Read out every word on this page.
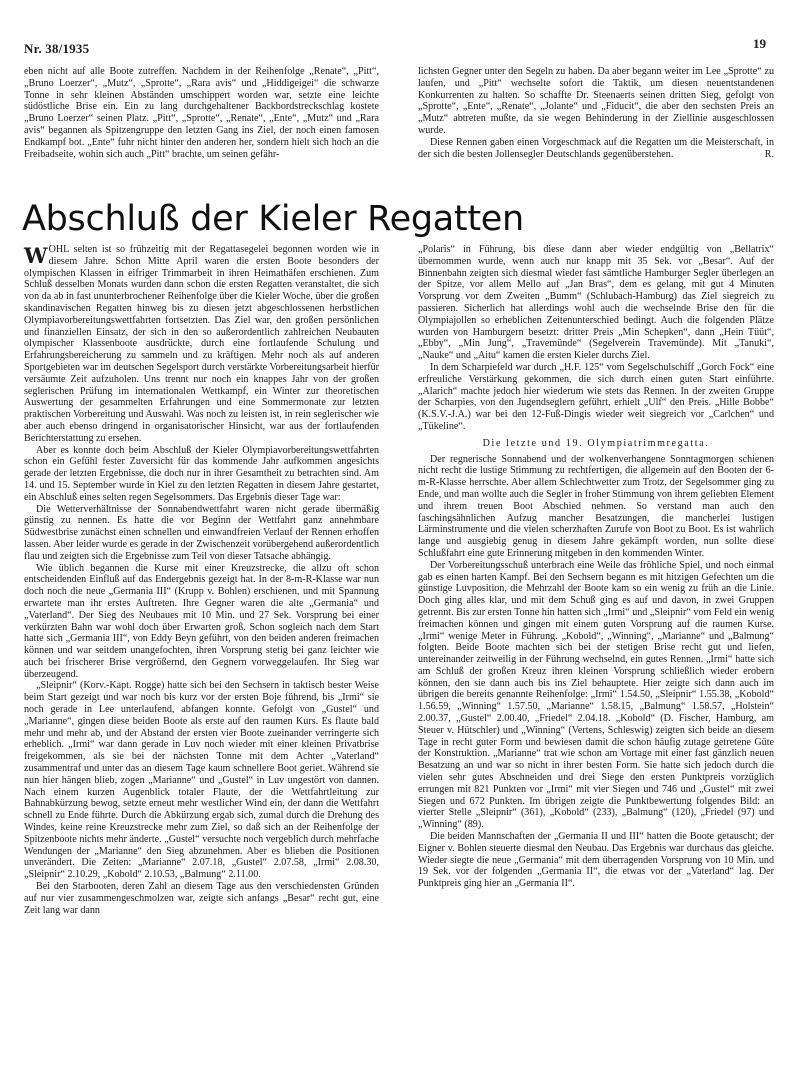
Nr. 38/1935	19

eben nicht auf alle Boote zutreffen. Nachdem in der Reihenfolge „Renate“, „Pitt“, „Bruno Loerzer“, „Mutz“, „Sprotte“, „Rara avis“ und „Hiddigeigei“ die schwarze Tonne in sehr kleinen Abständen umschippert worden war, setzte eine leichte südöstliche Brise ein. Ein zu lang durchgehaltener Backbordstreckschlag kostete „Bruno Loerzer“ seinen Platz. „Pitt“, „Sprotte“, „Renate“, „Ente“, „Mutz“ und „Rara avis“ begannen als Spitzengruppe den letzten Gang ins Ziel, der noch einen famosen Endkampf bot. „Ente“ fuhr nicht hinter den anderen her, sondern hielt sich hoch an die Freibadseite, wohin sich auch „Pitt“ brachte, um seinen gefähr-

lichsten Gegner unter den Segeln zu haben. Da aber begann weiter im Lee „Sprotte“ zu laufen, und „Pitt“ wechselte sofort die Taktik, um diesen neuentstandenen Konkurrenten zu halten. So schaffte Dr. Steenaerts seinen dritten Sieg, gefolgt von „Sprotte“, „Ente“, „Renate“, „Jolante“ und „Fiducit“, die aber den sechsten Preis an „Mutz“ abtreten mußte, da sie wegen Behinderung in der Ziellinie ausgeschlossen wurde.

Diese Rennen gaben einen Vorgeschmack auf die Regatten um die Meisterschaft, in der sich die besten Jollensegler Deutschlands gegenüberstehen.	R.

Abschluß der Kieler Regatten

WOHL selten ist so frühzeitig mit der Regattasegelei begonnen worden wie in diesem Jahre. Schon Mitte April waren die ersten Boote besonders der olympischen Klassen in eifriger Trimmarbeit in ihren Heimathäfen erschienen. Zum Schluß desselben Monats wurden dann schon die ersten Regatten veranstaltet, die sich von da ab in fast ununterbrochener Reihenfolge über die Kieler Woche, über die großen skandinavischen Regatten hinweg bis zu diesen jetzt abgeschlossenen herbstlichen Olympiavorbereitungswettfahrten fortsetzten. Das Ziel war, den großen persönlichen und finanziellen Einsatz, der sich in den so außerordentlich zahlreichen Neubauten olympischer Klassenboote ausdrückte, durch eine fortlaufende Schulung und Erfahrungsbereicherung zu sammeln und zu kräftigen. Mehr noch als auf anderen Sportgebieten war im deutschen Segelsport durch verstärkte Vorbereitungsarbeit hierfür versäumte Zeit aufzuholen. Uns trennt nur noch ein knappes Jahr von der großen seglerischen Prüfung im internationalen Wettkampf, ein Winter zur theoretischen Auswertung der gesammelten Erfahrungen und eine Sommermonate zur letzten praktischen Vorbereitung und Auswahl. Was noch zu leisten ist, in rein seglerischer wie aber auch ebenso dringend in organisatorischer Hinsicht, war aus der fortlaufenden Berichterstattung zu ersehen.

Aber es konnte doch beim Abschluß der Kieler Olympiavorbereitungswettfahrten schon ein Gefühl fester Zuversicht für das kommende Jahr aufkommen angesichts gerade der letzten Ergebnisse, die doch nur in ihrer Gesamtheit zu betrachten sind. Am 14. und 15. September wurde in Kiel zu den letzten Regatten in diesem Jahre gestartet, ein Abschluß eines selten regen Segelsommers. Das Ergebnis dieser Tage war:

Die Wetterverhältnisse der Sonnabendwettfahrt waren nicht gerade übermäßig günstig zu nennen. Es hatte die vor Beginn der Wettfahrt ganz annehmbare Südwestbrise zunächst einen schnellen und einwandfreien Verlauf der Rennen erhoffen lassen. Aber leider wurde es gerade in der Zwischenzeit vorübergehend außerordentlich flau und zeigten sich die Ergebnisse zum Teil von dieser Tatsache abhängig.

Wie üblich begannen die Kurse mit einer Kreuzstrecke, die allzu oft schon entscheidenden Einfluß auf das Endergebnis gezeigt hat. In der 8-m-R-Klasse war nun doch noch die neue „Germania III“ (Krupp v. Bohlen) erschienen, und mit Spannung erwartete man ihr erstes Auftreten. Ihre Gegner waren die alte „Germania“ und „Vaterland“. Der Sieg des Neubaues mit 10 Min. und 27 Sek. Vorsprung bei einer verkürzten Bahn war wohl doch über Erwarten groß. Schon sogleich nach dem Start hatte sich „Germania III“, von Eddy Beyn geführt, von den beiden anderen freimachen können und war seitdem unangefochten, ihren Vorsprung stetig bei ganz leichter wie auch bei frischerer Brise vergrößernd, den Gegnern vorweggelaufen. Ihr Sieg war überzeugend.

„Sleipnir“ (Korv.-Kapt. Rogge) hatte sich bei den Sechsern in taktisch bester Weise beim Start gezeigt und war noch bis kurz vor der ersten Boje führend, bis „Irmi“ sie noch gerade in Lee unterlaufend, abfangen konnte. Gefolgt von „Gustel“ und „Marianne“, gingen diese beiden Boote als erste auf den raumen Kurs. Es flaute bald mehr und mehr ab, und der Abstand der ersten vier Boote zueinander verringerte sich erheblich. „Irmi“ war dann gerade in Luv noch wieder mit einer kleinen Privatbrise freigekommen, als sie bei der nächsten Tonne mit dem Achter „Vaterland“ zusammentraf und unter das an diesem Tage kaum schnellere Boot geriet. Während sie nun hier hängen blieb, zogen „Marianne“ und „Gustel“ in Luv ungestört von dannen. Nach einem kurzen Augenblick totaler Flaute, der die Wettfahrtleitung zur Bahnabkürzung bewog, setzte erneut mehr westlicher Wind ein, der dann die Wettfahrt schnell zu Ende führte. Durch die Abkürzung ergab sich, zumal durch die Drehung des Windes, keine reine Kreuzstrecke mehr zum Ziel, so daß sich an der Reihenfolge der Spitzenboote nichts mehr änderte. „Gustel“ versuchte noch vergeblich durch mehrfache Wendungen der „Marianne“ den Sieg abzunehmen. Aber es blieben die Positionen unverändert. Die Zeiten: „Marianne“ 2.07.18, „Gustel“ 2.07.58, „Irmi“ 2.08.30, „Sleipnir“ 2.10.29, „Kobold“ 2.10.53, „Balmung“ 2.11.00.

Bei den Starbooten, deren Zahl an diesem Tage aus den verschiedensten Gründen auf nur vier zusammengeschmolzen war, zeigte sich anfangs „Besar“ recht gut, eine Zeit lang war dann

„Polaris“ in Führung, bis diese dann aber wieder endgültig von „Bellatrix“ übernommen wurde, wenn auch nur knapp mit 35 Sek. vor „Besar“. Auf der Binnenbahn zeigten sich diesmal wieder fast sämtliche Hamburger Segler überlegen an der Spitze, vor allem Mello auf „Jan Bras“, dem es gelang, mit gut 4 Minuten Vorsprung vor dem Zweiten „Bumm“ (Schlubach-Hamburg) das Ziel siegreich zu passieren. Sicherlich hat allerdings wohl auch die wechselnde Brise den für die Olympiajollen so erheblichen Zeitenunterschied bedingt. Auch die folgenden Plätze wurden von Hamburgern besetzt: dritter Preis „Min Schepken“, dann „Hein Tüüt“, „Ebby“, „Min Jung“, „Travemünde“ (Segelverein Travemünde). Mit „Tanuki“, „Nauke“ und „Aitu“ kamen die ersten Kieler durchs Ziel.

In dem Scharpiefeld war durch „H.F. 125“ vom Segelschulschiff „Gorch Fock“ eine erfreuliche Verstärkung gekommen, die sich durch einen guten Start einführte. „Alarich“ machte jedoch hier wiederum wie stets das Rennen. In der zweiten Gruppe der Scharpies, von den Jugendseglern geführt, erhielt „Ulf“ den Preis. „Hille Bobbe“ (K.S.V.-J.A.) war bei den 12-Fuß-Dingis wieder weit siegreich vor „Carlchen“ und „Tükeline“.

Die letzte und 19. Olympiatrimmregatta.

Der regnerische Sonnabend und der wolkenverhangene Sonntagmorgen schienen nicht recht die lustige Stimmung zu rechtfertigen, die allgemein auf den Booten der 6-m-R-Klasse herrschte. Aber allem Schlechtwetter zum Trotz, der Segelsommer ging zu Ende, und man wollte auch die Segler in froher Stimmung von ihrem geliebten Element und ihrem treuen Boot Abschied nehmen. So verstand man auch den faschingsähnlichen Aufzug mancher Besatzungen, die mancherlei lustigen Lärminstrumente und die vielen scherzhaften Zurufe von Boot zu Boot. Es ist wahrlich lange und ausgiebig genug in diesem Jahre gekämpft worden, nun sollte diese Schlußfahrt eine gute Erinnerung mitgeben in den kommenden Winter.

Der Vorbereitungsschuß unterbrach eine Weile das fröhliche Spiel, und noch einmal gab es einen harten Kampf. Bei den Sechsern begann es mit hitzigen Gefechten um die günstige Luvposition, die Mehrzahl der Boote kam so ein wenig zu früh an die Linie. Doch ging alles klar, und mit dem Schuß ging es auf und davon, in zwei Gruppen getrennt. Bis zur ersten Tonne hin hatten sich „Irmi“ und „Sleipnir“ vom Feld ein wenig freimachen können und gingen mit einem guten Vorsprung auf die raumen Kurse. „Irmi“ wenige Meter in Führung. „Kobold“, „Winning“, „Marianne“ und „Balmung“ folgten. Beide Boote machten sich bei der stetigen Brise recht gut und liefen, untereinander zeitweilig in der Führung wechselnd, ein gutes Rennen. „Irmi“ hatte sich am Schluß der großen Kreuz ihren kleinen Vorsprung schließlich wieder erobern können, den sie dann auch bis ins Ziel behauptete. Hier zeigte sich dann auch im übrigen die bereits genannte Reihenfolge: „Irmi“ 1.54.50, „Sleipnir“ 1.55.38, „Kobold“ 1.56.59, „Winning“ 1.57.50, „Marianne“ 1.58.15, „Balmung“ 1.58.57, „Holstein“ 2.00.37, „Gustel“ 2.00.40, „Friedel“ 2.04.18. „Kobold“ (D. Fischer, Hamburg, am Steuer v. Hütschler) und „Winning“ (Vertens, Schleswig) zeigten sich beide an diesem Tage in recht guter Form und bewiesen damit die schon häufig zutage getretene Güte der Konstruktion. „Marianne“ trat wie schon am Vortage mit einer fast gänzlich neuen Besatzung an und war so nicht in ihrer besten Form. Sie hatte sich jedoch durch die vielen sehr gutes Abschneiden und drei Siege den ersten Punktpreis vorzüglich errungen mit 821 Punkten vor „Irmi“ mit vier Siegen und 746 und „Gustel“ mit zwei Siegen und 672 Punkten. Im übrigen zeigte die Punktbewertung folgendes Bild: an vierter Stelle „Sleipnir“ (361), „Kobold“ (233), „Balmung“ (120), „Friedel (97) und „Winning“ (89).

Die beiden Mannschaften der „Germania II und III“ hatten die Boote getauscht; der Eigner v. Bohlen steuerte diesmal den Neubau. Das Ergebnis war durchaus das gleiche. Wieder siegte die neue „Germania“ mit dem überragenden Vorsprung von 10 Min. und 19 Sek. vor der folgenden „Germania II“, die etwas vor der „Vaterland“ lag. Der Punktpreis ging hier an „Germania II“.
